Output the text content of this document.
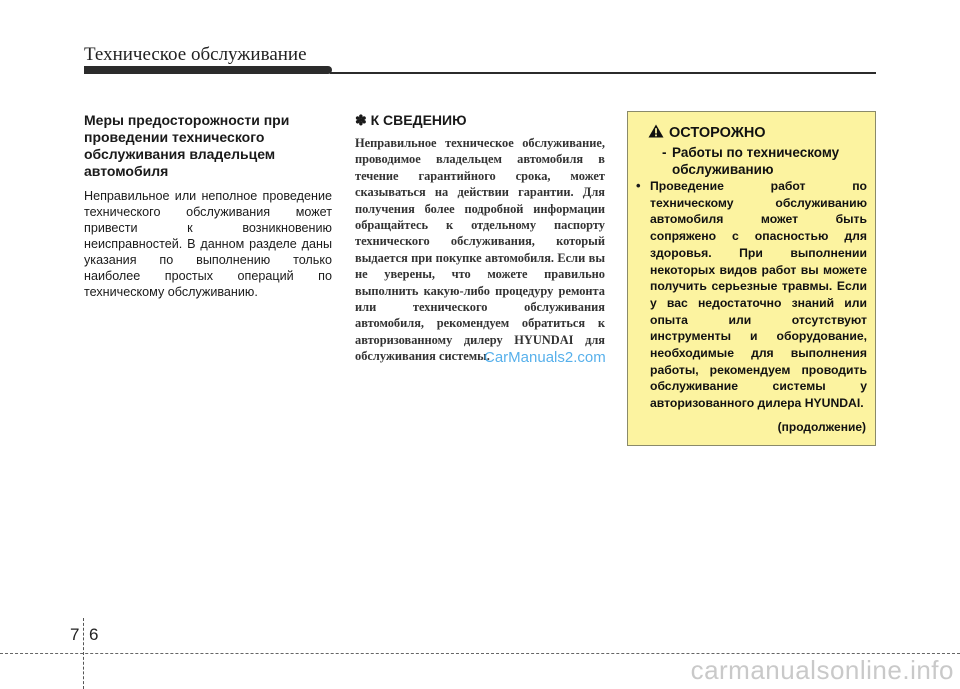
Техническое обслуживание
Меры предосторожности при проведении технического обслуживания владельцем автомобиля

Неправильное или неполное проведение технического обслуживания может привести к возникновению неисправностей. В данном разделе даны указания по выполнению только наиболее простых операций по техническому обслуживанию.

✽ К СВЕДЕНИЮ

Неправильное техническое обслуживание, проводимое владельцем автомобиля в течение гарантийного срока, может сказываться на действии гарантии. Для получения более подробной информации обращайтесь к отдельному паспорту технического обслуживания, который выдается при покупке автомобиля. Если вы не уверены, что можете правильно выполнить какую-либо процедуру ремонта или технического обслуживания автомобиля, рекомендуем обратиться к авторизованному дилеру HYUNDAI для обслуживания системы.

CarManuals2.com
ОСТОРОЖНО
- Работы по техническому обслуживанию
• Проведение работ по техническому обслуживанию автомобиля может быть сопряжено с опасностью для здоровья. При выполнении некоторых видов работ вы можете получить серьезные травмы. Если у вас недостаточно знаний или опыта или отсутствуют инструменты и оборудование, необходимые для выполнения работы, рекомендуем проводить обслуживание системы у авторизованного дилера HYUNDAI.

(продолжение)
7 6
carmanualsonline.info
